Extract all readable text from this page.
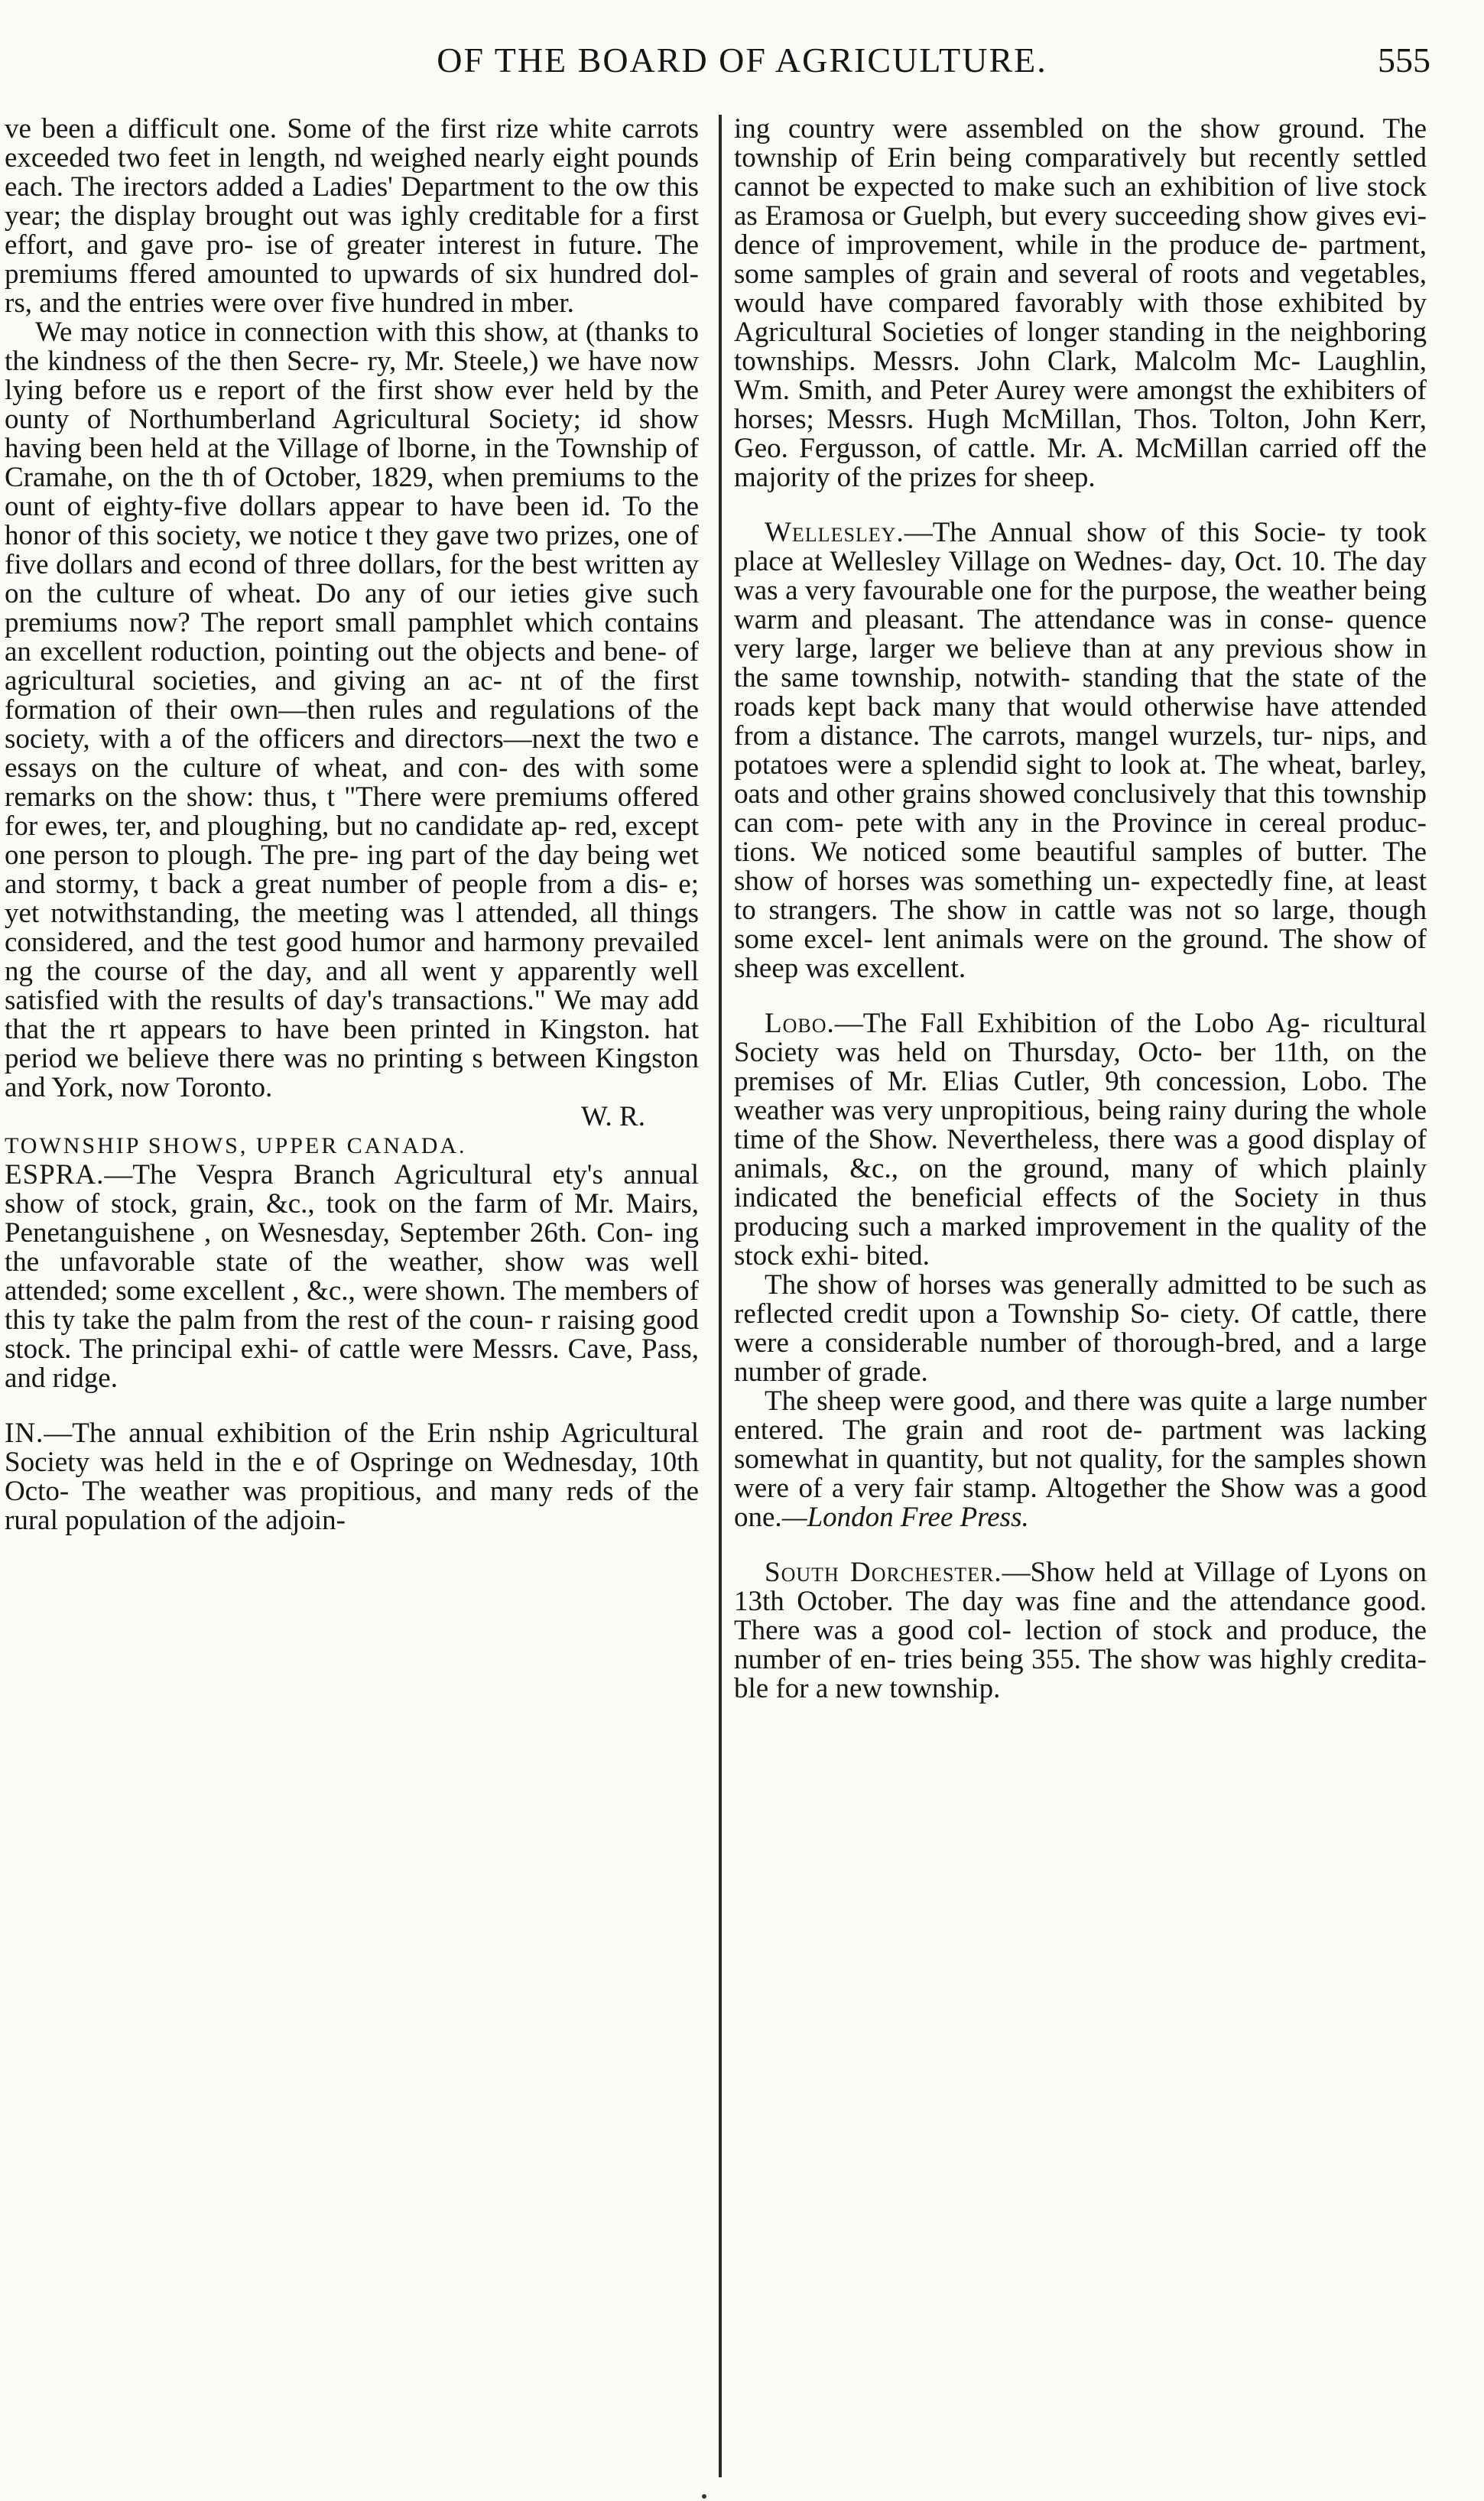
OF THE BOARD OF AGRICULTURE.	555

ve been a difficult one. Some of the first rize white carrots exceeded two feet in length, nd weighed nearly eight pounds each. The irectors added a Ladies' Department to the ow this year; the display brought out was ighly creditable for a first effort, and gave pro- ise of greater interest in future. The premiums ffered amounted to upwards of six hundred dol- rs, and the entries were over five hundred in mber.

We may notice in connection with this show, at (thanks to the kindness of the then Secre- ry, Mr. Steele,) we have now lying before us e report of the first show ever held by the ounty of Northumberland Agricultural Society; id show having been held at the Village of lborne, in the Township of Cramahe, on the th of October, 1829, when premiums to the ount of eighty-five dollars appear to have been id. To the honor of this society, we notice t they gave two prizes, one of five dollars and econd of three dollars, for the best written ay on the culture of wheat. Do any of our ieties give such premiums now? The report small pamphlet which contains an excellent roduction, pointing out the objects and bene- of agricultural societies, and giving an ac- nt of the first formation of their own—then rules and regulations of the society, with a of the officers and directors—next the two e essays on the culture of wheat, and con- des with some remarks on the show: thus, t "There were premiums offered for ewes, ter, and ploughing, but no candidate ap- red, except one person to plough. The pre- ing part of the day being wet and stormy, t back a great number of people from a dis- e; yet notwithstanding, the meeting was l attended, all things considered, and the test good humor and harmony prevailed ng the course of the day, and all went y apparently well satisfied with the results of day's transactions." We may add that the rt appears to have been printed in Kingston. hat period we believe there was no printing s between Kingston and York, now Toronto.

W. R.

TOWNSHIP SHOWS, UPPER CANADA.

ESPRA.—The Vespra Branch Agricultural ety's annual show of stock, grain, &c., took on the farm of Mr. Mairs, Penetanguishene , on Wesnesday, September 26th. Con- ing the unfavorable state of the weather, show was well attended; some excellent , &c., were shown. The members of this ty take the palm from the rest of the coun- r raising good stock. The principal exhi- of cattle were Messrs. Cave, Pass, and ridge.

IN.—The annual exhibition of the Erin nship Agricultural Society was held in the e of Ospringe on Wednesday, 10th Octo- The weather was propitious, and many reds of the rural population of the adjoin-

ing country were assembled on the show ground. The township of Erin being comparatively but recently settled cannot be expected to make such an exhibition of live stock as Eramosa or Guelph, but every succeeding show gives evi- dence of improvement, while in the produce de- partment, some samples of grain and several of roots and vegetables, would have compared favorably with those exhibited by Agricultural Societies of longer standing in the neighboring townships. Messrs. John Clark, Malcolm Mc- Laughlin, Wm. Smith, and Peter Aurey were amongst the exhibiters of horses; Messrs. Hugh McMillan, Thos. Tolton, John Kerr, Geo. Fergusson, of cattle. Mr. A. McMillan carried off the majority of the prizes for sheep.

Wellesley.—The Annual show of this Socie- ty took place at Wellesley Village on Wednes- day, Oct. 10. The day was a very favourable one for the purpose, the weather being warm and pleasant. The attendance was in conse- quence very large, larger we believe than at any previous show in the same township, notwith- standing that the state of the roads kept back many that would otherwise have attended from a distance. The carrots, mangel wurzels, tur- nips, and potatoes were a splendid sight to look at. The wheat, barley, oats and other grains showed conclusively that this township can com- pete with any in the Province in cereal produc- tions. We noticed some beautiful samples of butter. The show of horses was something un- expectedly fine, at least to strangers. The show in cattle was not so large, though some excel- lent animals were on the ground. The show of sheep was excellent.

Lobo.—The Fall Exhibition of the Lobo Ag- ricultural Society was held on Thursday, Octo- ber 11th, on the premises of Mr. Elias Cutler, 9th concession, Lobo. The weather was very unpropitious, being rainy during the whole time of the Show. Nevertheless, there was a good display of animals, &c., on the ground, many of which plainly indicated the beneficial effects of the Society in thus producing such a marked improvement in the quality of the stock exhi- bited.

The show of horses was generally admitted to be such as reflected credit upon a Township So- ciety. Of cattle, there were a considerable number of thorough-bred, and a large number of grade.

The sheep were good, and there was quite a large number entered. The grain and root de- partment was lacking somewhat in quantity, but not quality, for the samples shown were of a very fair stamp. Altogether the Show was a good one.—London Free Press.

South Dorchester.—Show held at Village of Lyons on 13th October. The day was fine and the attendance good. There was a good col- lection of stock and produce, the number of en- tries being 355. The show was highly credita- ble for a new township.
